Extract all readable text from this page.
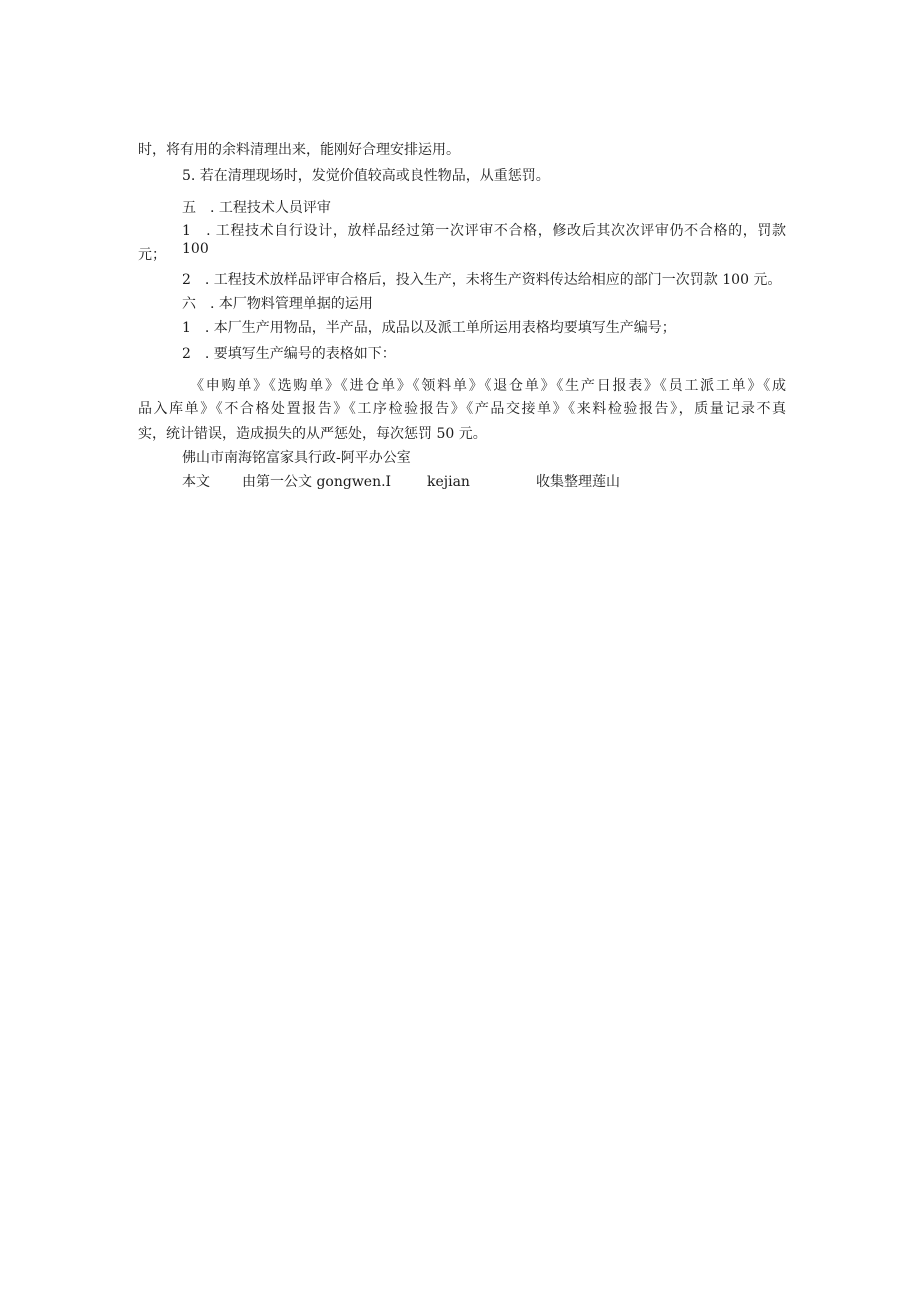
时，将有用的余料清理出来，能刚好合理安排运用。
5. 若在清理现场时，发觉价值较高或良性物品，从重惩罚。
五　. 工程技术人员评审
1　. 工程技术自行设计，放样品经过第一次评审不合格，修改后其次次评审仍不合格的，罚款 100
元；
2　. 工程技术放样品评审合格后，投入生产，未将生产资料传达给相应的部门一次罚款 100 元。
六　. 本厂物料管理单据的运用
1　. 本厂生产用物品，半产品，成品以及派工单所运用表格均要填写生产编号；
2　. 要填写生产编号的表格如下：
《申购单》《选购单》《进仓单》《领料单》《退仓单》《生产日报表》《员工派工单》《成
品入库单》《不合格处置报告》《工序检验报告》《产品交接单》《来料检验报告》，质量记录不真
实，统计错误，造成损失的从严惩处，每次惩罚 50 元。
佛山市南海铭富家具行政-阿平办公室
本文 由第一公文 gongwen.I	kejian	收集整理莲山
